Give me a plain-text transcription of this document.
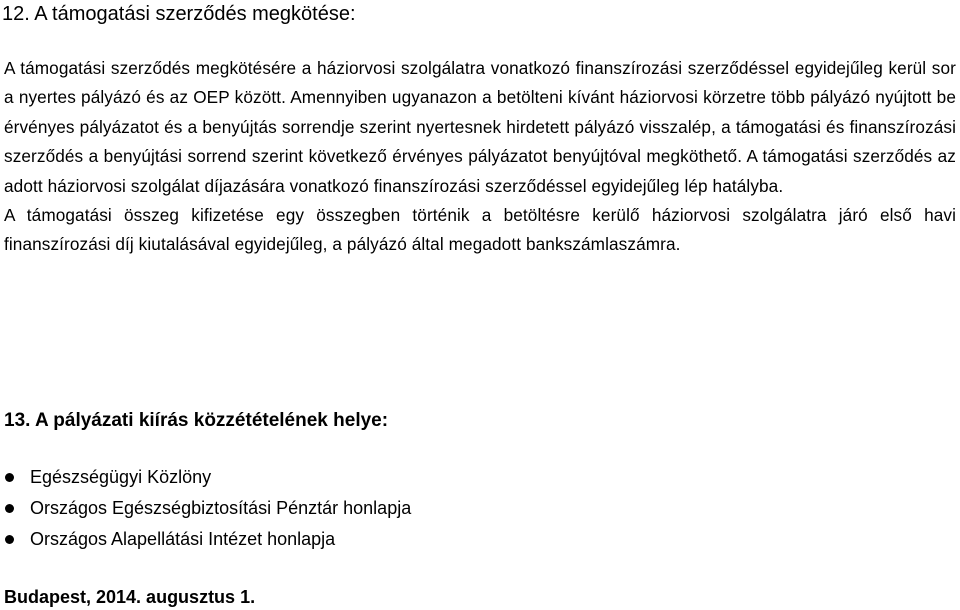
12. A támogatási szerződés megkötése:

A támogatási szerződés megkötésére a háziorvosi szolgálatra vonatkozó finanszírozási szerződéssel egyidejűleg kerül sor a nyertes pályázó és az OEP között. Amennyiben ugyanazon a betölteni kívánt háziorvosi körzetre több pályázó nyújtott be érvényes pályázatot és a benyújtás sorrendje szerint nyertesnek hirdetett pályázó visszalép, a támogatási és finanszírozási szerződés a benyújtási sorrend szerint következő érvényes pályázatot benyújtóval megköthető. A támogatási szerződés az adott háziorvosi szolgálat díjazására vonatkozó finanszírozási szerződéssel egyidejűleg lép hatályba.

A támogatási összeg kifizetése egy összegben történik a betöltésre kerülő háziorvosi szolgálatra járó első havi finanszírozási díj kiutalásával egyidejűleg, a pályázó által megadott bankszámlaszámra.

13. A pályázati kiírás közzétételének helye:
Egészségügyi Közlöny
Országos Egészségbiztosítási Pénztár honlapja
Országos Alapellátási Intézet honlapja

Budapest, 2014. augusztus 1.
